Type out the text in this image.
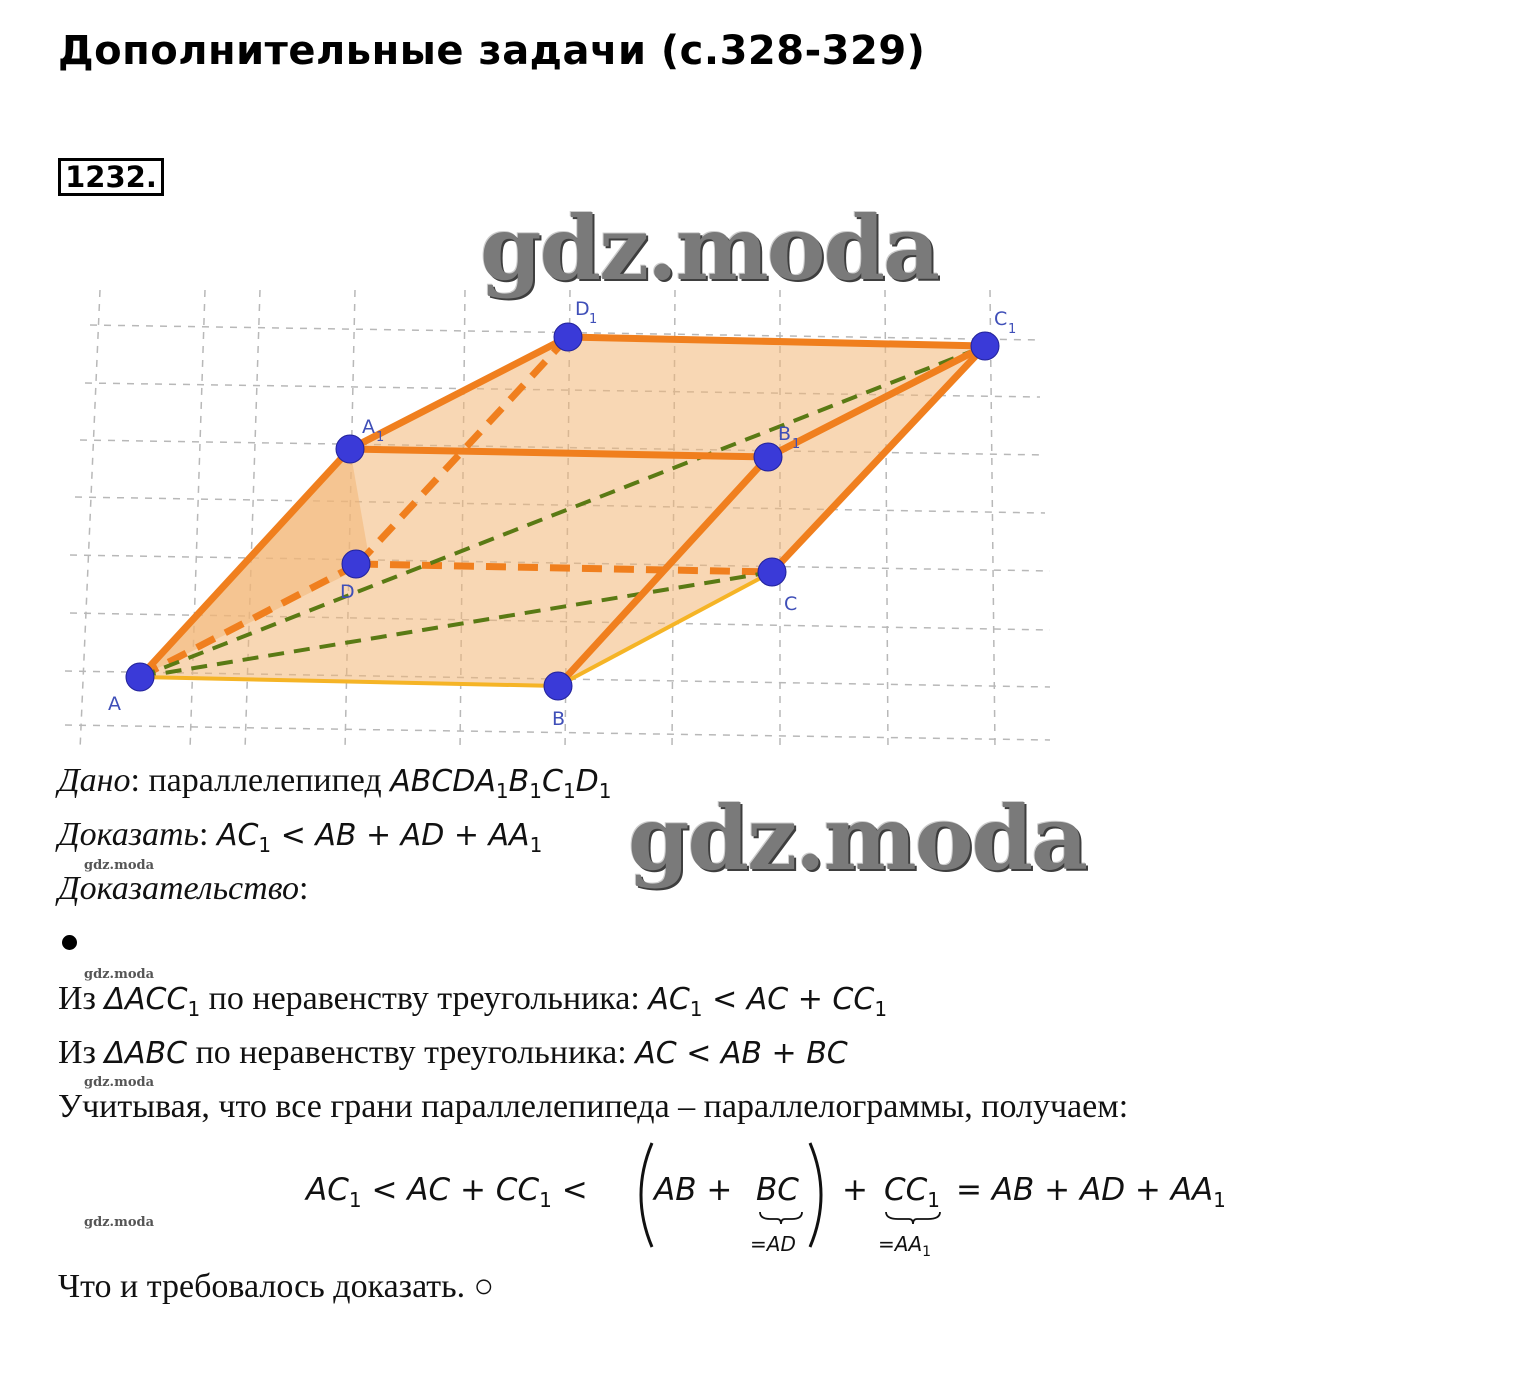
Дополнительные задачи (с.328-329)
1232.
A
B
C
D
A 1	B 1
C 1
D 1
gdz.moda
gdz.moda
gdz.moda
gdz.moda
gdz.moda
gdz.moda
Дано: параллелепипед $ABCDA_1B_1C_1D_1$
Доказать: $AC_1$ < AB + AD + $AA_1$
Доказательство:
Из $\Delta ACC_1$ по неравенству треугольника: $AC_1$ < AC + $CC_1$
Из ΔABC по неравенству треугольника: AC < AB + BC
Учитывая, что все грани параллелепипеда – параллелограммы, получаем:
$AC_1$ < AC + $CC_1$ < AB + BC
=AD
+ $CC_1$
$=AA_1$
= AB + AD + $AA_1$
Что и требовалось доказать. ○
